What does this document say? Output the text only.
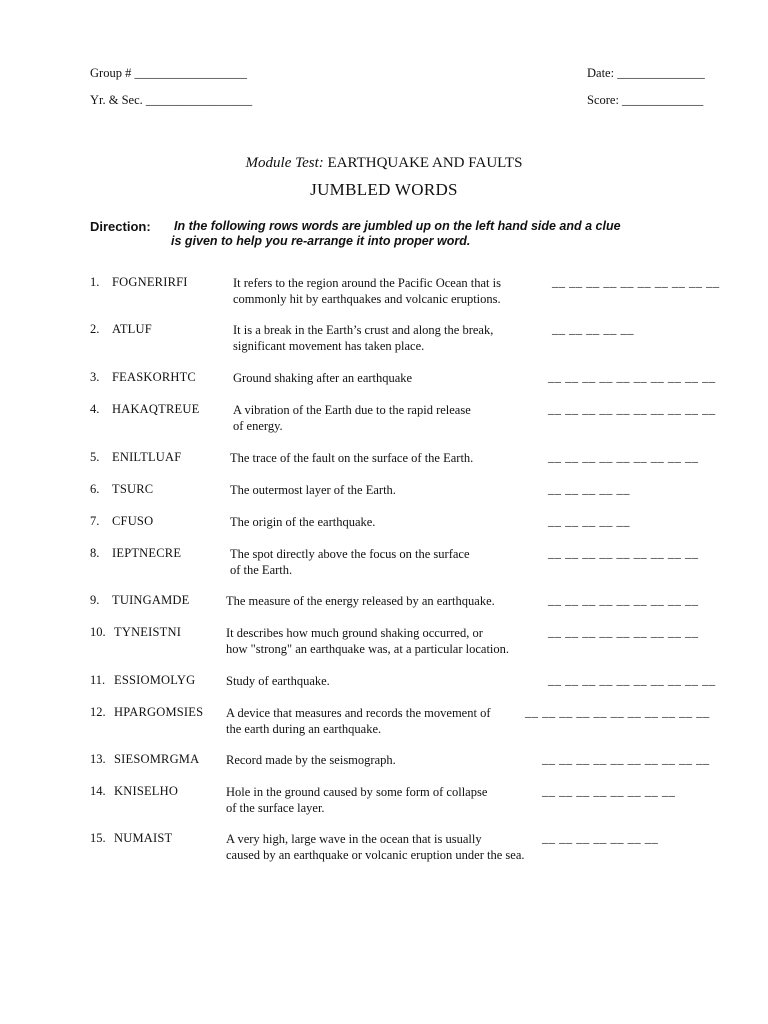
Group # __________________
Yr. & Sec. _________________
Date: ______________
Score: _____________
Module Test: EARTHQUAKE AND FAULTS
JUMBLED WORDS
Direction: In the following rows words are jumbled up on the left hand side and a clue
is given to help you re-arrange it into proper word.
1. FOGNERIRFI	It refers to the region around the Pacific Ocean that is
commonly hit by earthquakes and volcanic eruptions.
__ __ __ __ __ __ __ __ __ __
2. ATLUF	It is a break in the Earth’s crust and along the break,
significant movement has taken place.
__ __ __ __ __
3. FEASKORHTC	Ground shaking after an earthquake	__ __ __ __ __ __ __ __ __ __
4. HAKAQTREUE	A vibration of the Earth due to the rapid release
of energy.
__ __ __ __ __ __ __ __ __ __
5. ENILTLUAF	The trace of the fault on the surface of the Earth.	__ __ __ __ __ __ __ __ __
6. TSURC	The outermost layer of the Earth.	__ __ __ __ __
7. CFUSO	The origin of the earthquake.	__ __ __ __ __
8. IEPTNECRE	The spot directly above the focus on the surface
of the Earth.
__ __ __ __ __ __ __ __ __
9. TUINGAMDE	The measure of the energy released by an earthquake.	__ __ __ __ __ __ __ __ __
10. TYNEISTNI	It describes how much ground shaking occurred, or
how "strong" an earthquake was, at a particular location.
__ __ __ __ __ __ __ __ __
11. ESSIOMOLYG Study of earthquake.	__ __ __ __ __ __ __ __ __ __
12. HPARGOMSIES A device that measures and records the movement of
the earth during an earthquake.
__ __ __ __ __ __ __ __ __ __ __
13. SIESOMRGMA Record made by the seismograph.	__ __ __ __ __ __ __ __ __ __
14. KNISELHO	Hole in the ground caused by some form of collapse
of the surface layer.
__ __ __ __ __ __ __ __
15. NUMAIST	A very high, large wave in the ocean that is usually
caused by an earthquake or volcanic eruption under the sea.
__ __ __ __ __ __ __
